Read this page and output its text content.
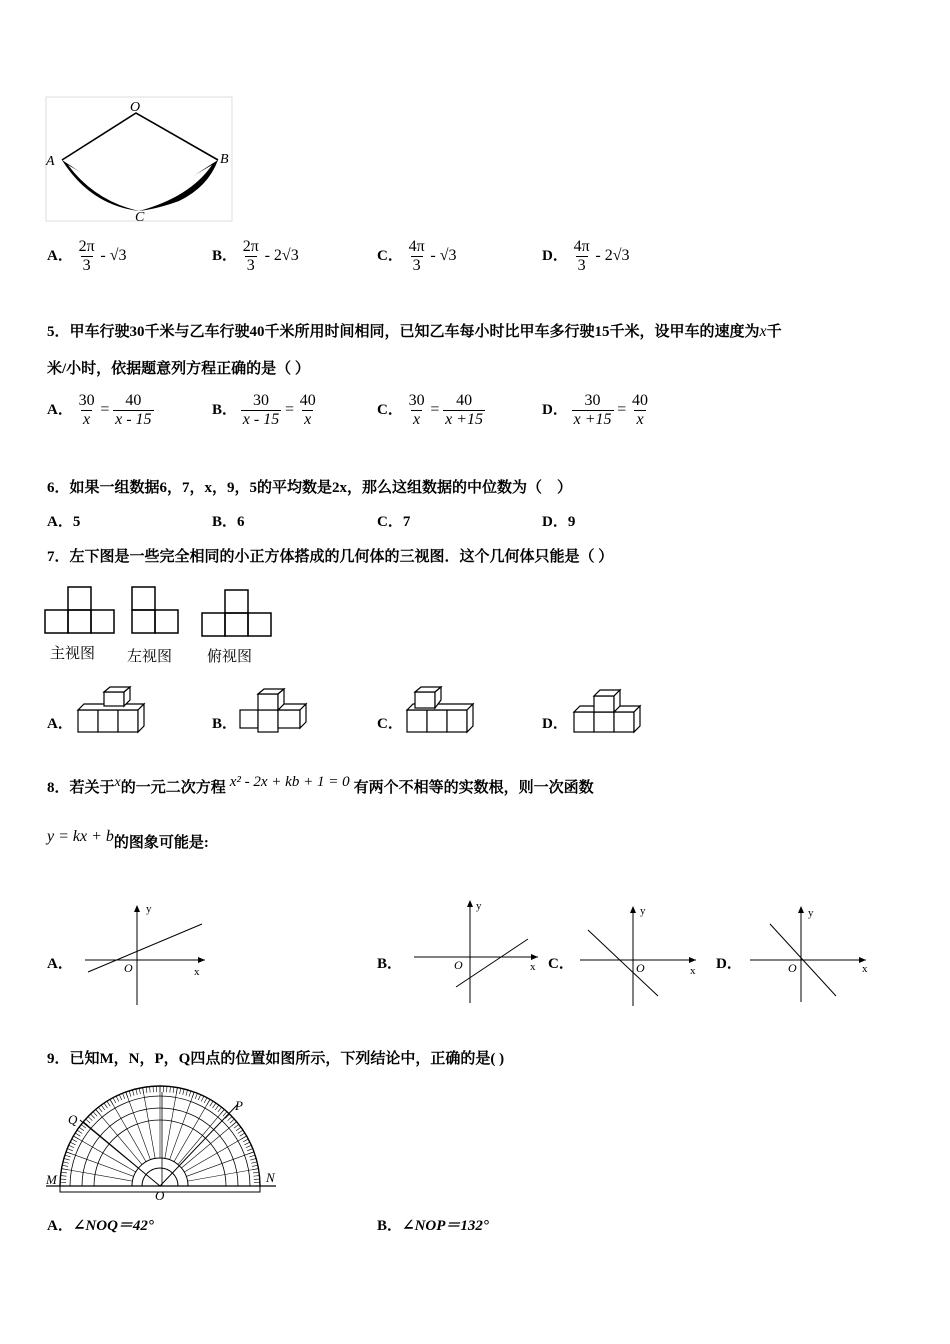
O
A	B
C
A． $\frac{2\pi}{3} - √3$	B． $\frac{2\pi}{3} - 2√3$	C． $\frac{4\pi}{3} - √3$	D． $\frac{4\pi}{3} - 2√3$
5．甲车行驶30千米与乙车行驶40千米所用时间相同，已知乙车每小时比甲车多行驶15千米，设甲车的速度为x千
米/小时，依据题意列方程正确的是（ ）
A． $\frac{30}{x} = \frac{40}{x - 15}$	B． $\frac{30}{x - 15} = \frac{40}{x}$	C． $\frac{30}{x} = \frac{40}{x +15}$	D． $\frac{30}{x +15} = \frac{40}{x}$
6．如果一组数据6，7，x，9，5的平均数是2x，那么这组数据的中位数为（　）
A．5	B．6	C．7	D．9
7．左下图是一些完全相同的小正方体搭成的几何体的三视图．这个几何体只能是（ ）
主视图 左视图 俯视图
A．	B．	C．	D．
8．若关于$^x$的一元二次方程 $^{x^2 - 2x + kb + 1 = 0}$ 有两个不相等的实数根，则一次函数
y = kx + b的图象可能是:
A．
y
x
O	B．
y
x
O	C．
y
x
O	D．
y
x
O
9．已知M，N，P，Q四点的位置如图所示，下列结论中，正确的是( )
M	N
P
Q
O
A．∠NOQ＝42°	B．∠NOP＝132°
